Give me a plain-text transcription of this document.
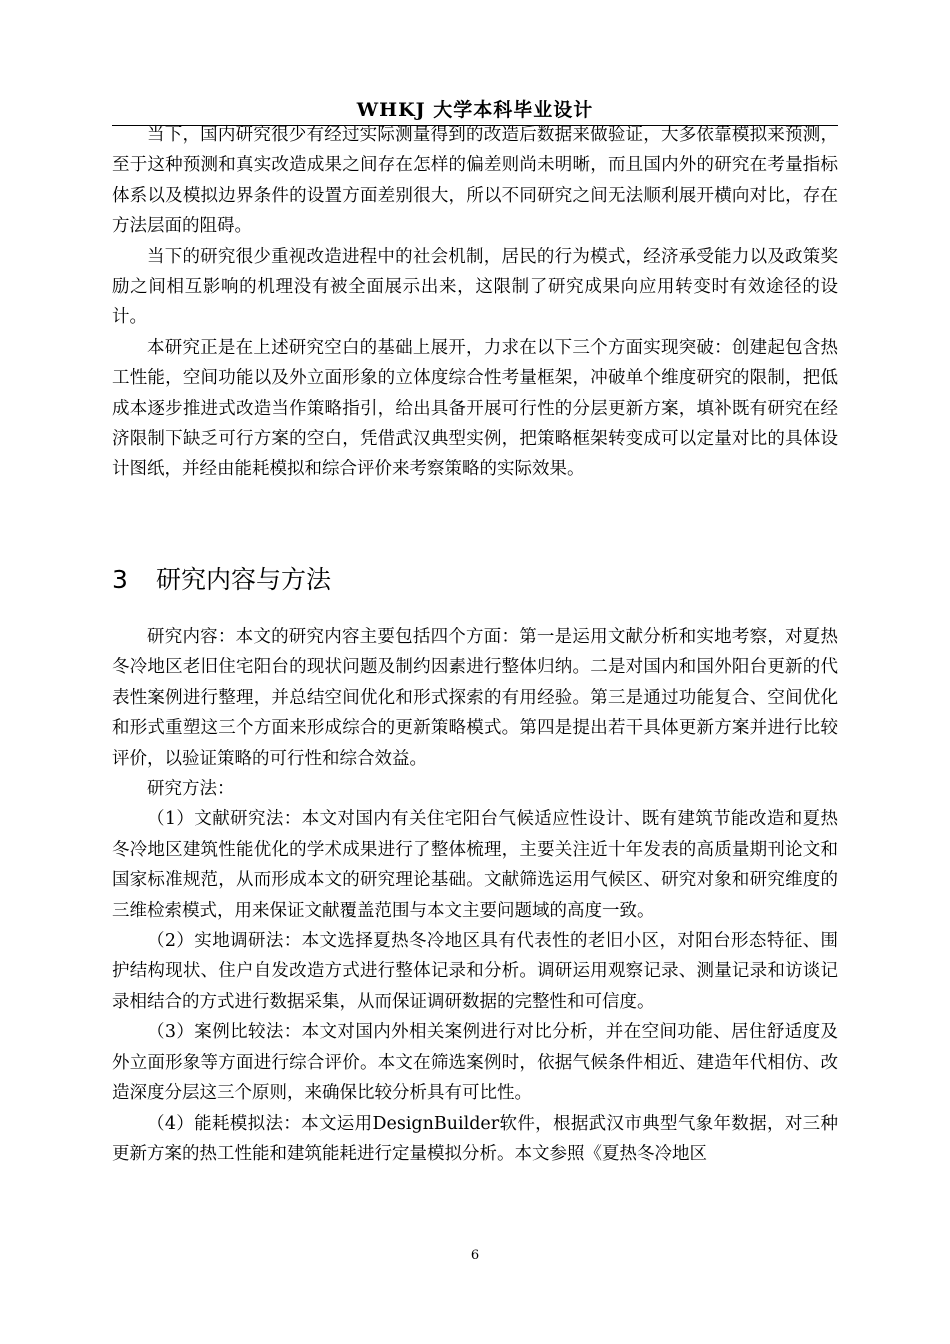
WHKJ 大学本科毕业设计

当下，国内研究很少有经过实际测量得到的改造后数据来做验证，大多依靠模拟来预测，至于这种预测和真实改造成果之间存在怎样的偏差则尚未明晰，而且国内外的研究在考量指标体系以及模拟边界条件的设置方面差别很大，所以不同研究之间无法顺利展开横向对比，存在方法层面的阻碍。

当下的研究很少重视改造进程中的社会机制，居民的行为模式，经济承受能力以及政策奖励之间相互影响的机理没有被全面展示出来，这限制了研究成果向应用转变时有效途径的设计。

本研究正是在上述研究空白的基础上展开，力求在以下三个方面实现突破：创建起包含热工性能，空间功能以及外立面形象的立体度综合性考量框架，冲破单个维度研究的限制，把低成本逐步推进式改造当作策略指引，给出具备开展可行性的分层更新方案，填补既有研究在经济限制下缺乏可行方案的空白，凭借武汉典型实例，把策略框架转变成可以定量对比的具体设计图纸，并经由能耗模拟和综合评价来考察策略的实际效果。

3 研究内容与方法

研究内容：本文的研究内容主要包括四个方面：第一是运用文献分析和实地考察，对夏热冬冷地区老旧住宅阳台的现状问题及制约因素进行整体归纳。二是对国内和国外阳台更新的代表性案例进行整理，并总结空间优化和形式探索的有用经验。第三是通过功能复合、空间优化和形式重塑这三个方面来形成综合的更新策略模式。第四是提出若干具体更新方案并进行比较评价，以验证策略的可行性和综合效益。

研究方法：

（1）文献研究法：本文对国内有关住宅阳台气候适应性设计、既有建筑节能改造和夏热冬冷地区建筑性能优化的学术成果进行了整体梳理，主要关注近十年发表的高质量期刊论文和国家标准规范，从而形成本文的研究理论基础。文献筛选运用气候区、研究对象和研究维度的三维检索模式，用来保证文献覆盖范围与本文主要问题域的高度一致。

（2）实地调研法：本文选择夏热冬冷地区具有代表性的老旧小区，对阳台形态特征、围护结构现状、住户自发改造方式进行整体记录和分析。调研运用观察记录、测量记录和访谈记录相结合的方式进行数据采集，从而保证调研数据的完整性和可信度。

（3）案例比较法：本文对国内外相关案例进行对比分析，并在空间功能、居住舒适度及外立面形象等方面进行综合评价。本文在筛选案例时，依据气候条件相近、建造年代相仿、改造深度分层这三个原则，来确保比较分析具有可比性。

（4）能耗模拟法：本文运用DesignBuilder软件，根据武汉市典型气象年数据，对三种更新方案的热工性能和建筑能耗进行定量模拟分析。本文参照《夏热冬冷地区

6
